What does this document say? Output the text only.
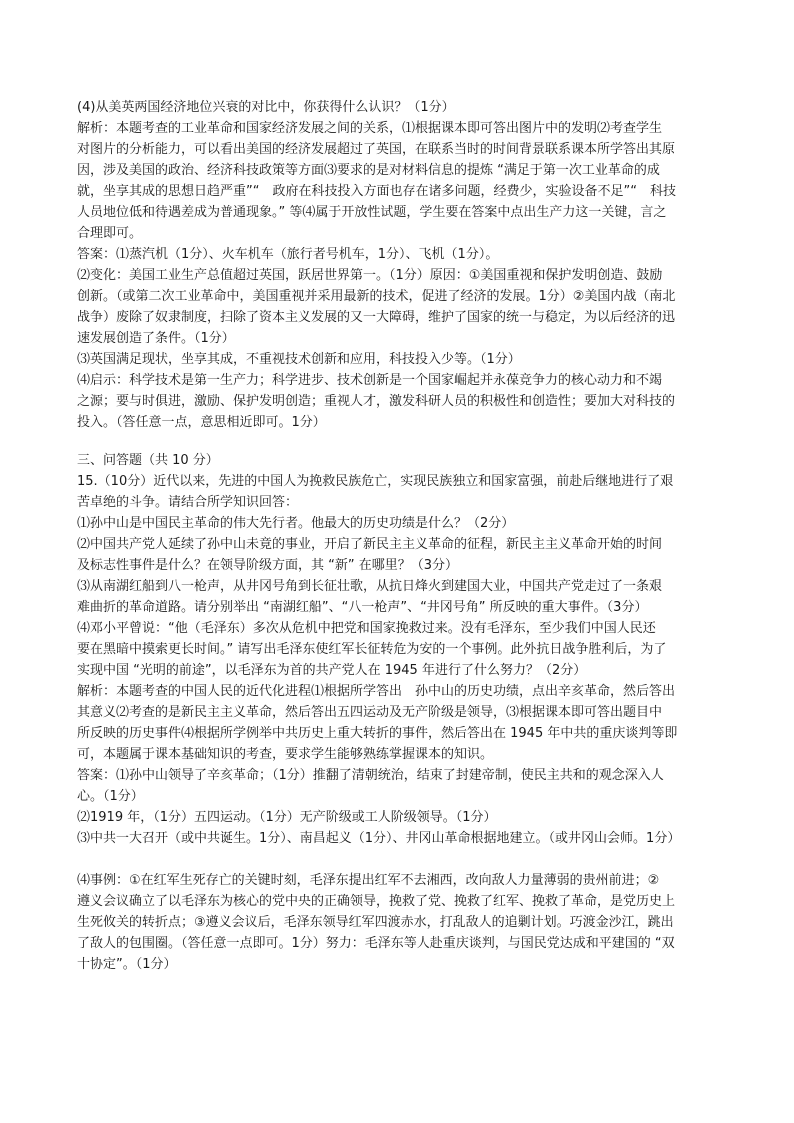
(4)从美英两国经济地位兴衰的对比中，你获得什么认识？（1分）

解析：本题考查的工业革命和国家经济发展之间的关系，⑴根据课本即可答出图片中的发明⑵考查学生
对图片的分析能力，可以看出美国的经济发展超过了英国，在联系当时的时间背景联系课本所学答出其原
因，涉及美国的政治、经济科技政策等方面⑶要求的是对材料信息的提炼 “满足于第一次工业革命的成
就，坐享其成的思想日趋严重”“　政府在科技投入方面也存在诸多问题，经费少，实验设备不足”“　科技
人员地位低和待遇差成为普通现象。” 等⑷属于开放性试题，学生要在答案中点出生产力这一关键，言之
合理即可。

答案：⑴蒸汽机（1分）、火车机车（旅行者号机车，1分）、飞机（1分）。

⑵变化：美国工业生产总值超过英国，跃居世界第一。（1分）原因：①美国重视和保护发明创造、鼓励
创新。（或第二次工业革命中，美国重视并采用最新的技术，促进了经济的发展。1分）②美国内战（南北
战争）废除了奴隶制度，扫除了资本主义发展的又一大障碍，维护了国家的统一与稳定，为以后经济的迅
速发展创造了条件。（1分）

⑶英国满足现状，坐享其成，不重视技术创新和应用，科技投入少等。（1分）

⑷启示：科学技术是第一生产力；科学进步、技术创新是一个国家崛起并永葆竞争力的核心动力和不竭
之源；要与时俱进，激励、保护发明创造；重视人才，激发科研人员的积极性和创造性；要加大对科技的
投入。（答任意一点，意思相近即可。1分）

三、问答题（共 10 分）

15.（10分）近代以来，先进的中国人为挽救民族危亡，实现民族独立和国家富强，前赴后继地进行了艰
苦卓绝的斗争。请结合所学知识回答：

⑴孙中山是中国民主革命的伟大先行者。他最大的历史功绩是什么？（2分）

⑵中国共产党人延续了孙中山未竟的事业，开启了新民主主义革命的征程，新民主主义革命开始的时间
及标志性事件是什么？在领导阶级方面，其 “新” 在哪里？（3分）

⑶从南湖红船到八一枪声，从井冈号角到长征壮歌，从抗日烽火到建国大业，中国共产党走过了一条艰
难曲折的革命道路。请分别举出 “南湖红船”、“八一枪声”、“井冈号角” 所反映的重大事件。（3分）

⑷邓小平曾说：“他（毛泽东）多次从危机中把党和国家挽救过来。没有毛泽东，至少我们中国人民还
要在黑暗中摸索更长时间。” 请写出毛泽东使红军长征转危为安的一个事例。此外抗日战争胜利后，为了
实现中国 “光明的前途”，以毛泽东为首的共产党人在 1945 年进行了什么努力？（2分）

解析：本题考查的中国人民的近代化进程⑴根据所学答出　孙中山的历史功绩，点出辛亥革命，然后答出
其意义⑵考查的是新民主主义革命，然后答出五四运动及无产阶级是领导，⑶根据课本即可答出题目中
所反映的历史事件⑷根据所学例举中共历史上重大转折的事件，然后答出在 1945 年中共的重庆谈判等即
可，本题属于课本基础知识的考查，要求学生能够熟练掌握课本的知识。

答案：⑴孙中山领导了辛亥革命；（1分）推翻了清朝统治，结束了封建帝制，使民主共和的观念深入人
心。（1分）

⑵1919 年，（1分）五四运动。（1分）无产阶级或工人阶级领导。（1分）

⑶中共一大召开（或中共诞生。1分）、南昌起义（1分）、井冈山革命根据地建立。（或井冈山会师。1分）

⑷事例：①在红军生死存亡的关键时刻，毛泽东提出红军不去湘西，改向敌人力量薄弱的贵州前进；②
遵义会议确立了以毛泽东为核心的党中央的正确领导，挽救了党、挽救了红军、挽救了革命，是党历史上
生死攸关的转折点；③遵义会议后，毛泽东领导红军四渡赤水，打乱敌人的追剿计划。巧渡金沙江，跳出
了敌人的包围圈。（答任意一点即可。1分）努力：毛泽东等人赴重庆谈判，与国民党达成和平建国的 “双
十协定”。（1分）
